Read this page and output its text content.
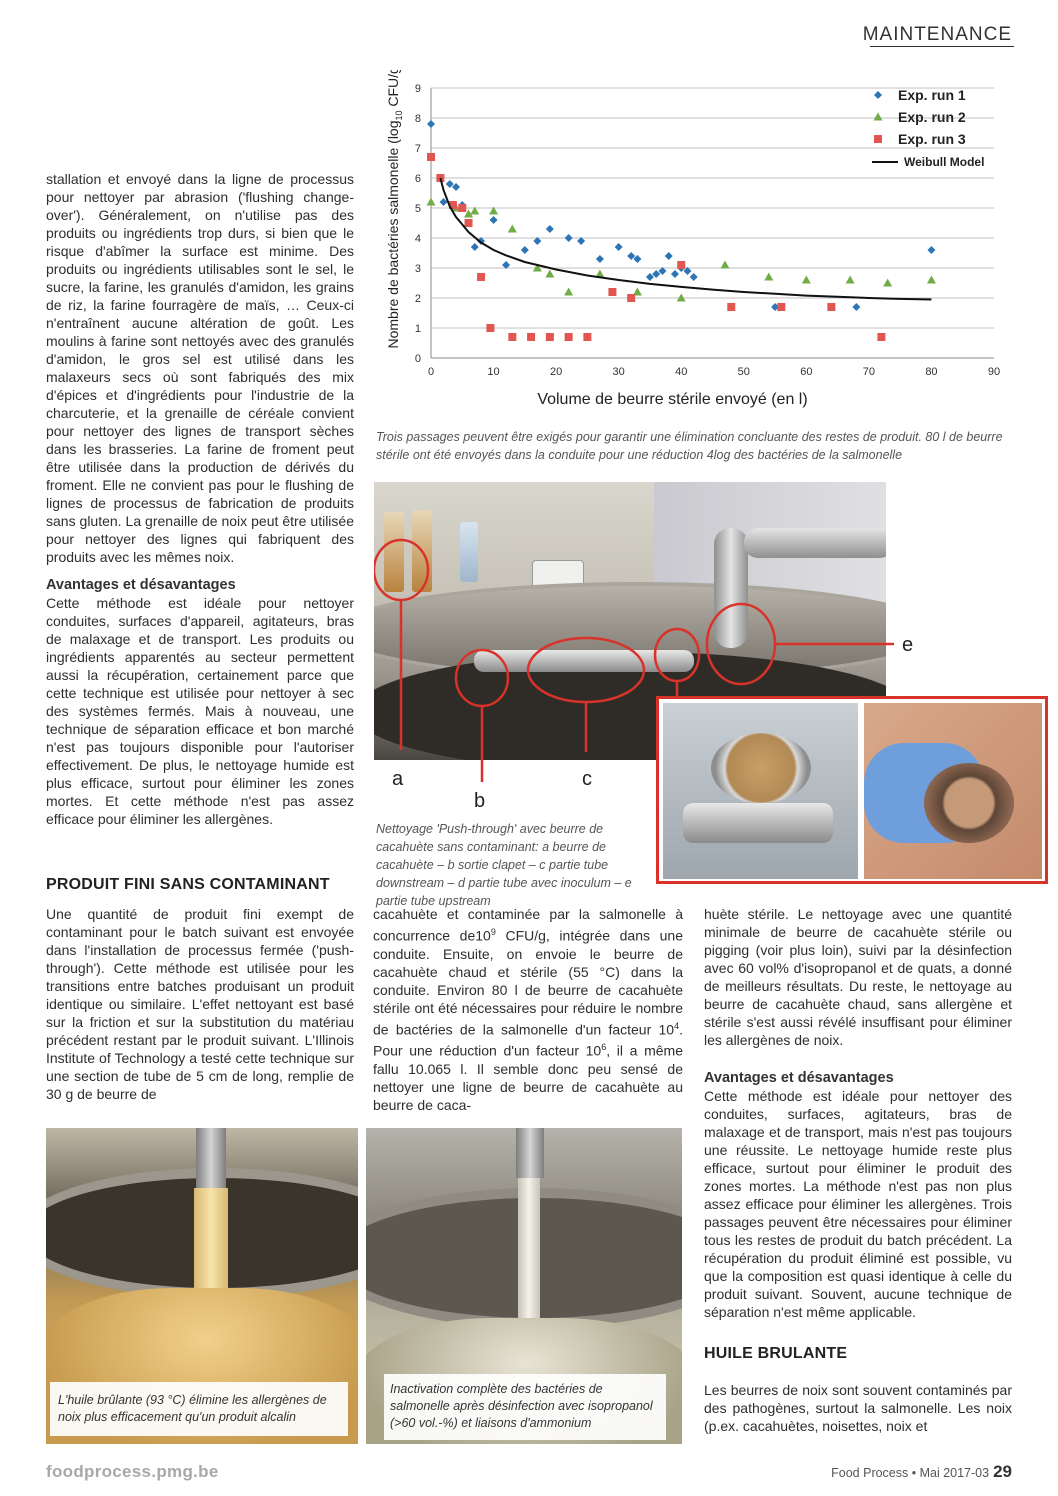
MAINTENANCE

stallation et envoyé dans la ligne de processus pour nettoyer par abrasion ('flushing change-over'). Généralement, on n'utilise pas des produits ou ingrédients trop durs, si bien que le risque d'abîmer la surface est minime. Des produits ou ingrédients utilisables sont le sel, le sucre, la farine, les granulés d'amidon, les grains de riz, la farine fourragère de maïs, … Ceux-ci n'entraînent aucune altération de goût. Les moulins à farine sont nettoyés avec des granulés d'amidon, le gros sel est utilisé dans les malaxeurs secs où sont fabriqués des mix d'épices et d'ingrédients pour l'industrie de la charcuterie, et la grenaille de céréale convient pour nettoyer des lignes de transport sèches dans les brasseries. La farine de froment peut être utilisée dans la production de dérivés du froment. Elle ne convient pas pour le flushing de lignes de processus de fabrication de produits sans gluten. La grenaille de noix peut être utilisée pour nettoyer des lignes qui fabriquent des produits avec les mêmes noix.

Avantages et désavantages

Cette méthode est idéale pour nettoyer conduites, surfaces d'appareil, agitateurs, bras de malaxage et de transport. Les produits ou ingrédients apparentés au secteur permettent aussi la récupération, certainement parce que cette technique est utilisée pour nettoyer à sec des systèmes fermés. Mais à nouveau, une technique de séparation efficace et bon marché n'est pas toujours disponible pour l'autoriser effectivement. De plus, le nettoyage humide est plus efficace, surtout pour éliminer les zones mortes. Et cette méthode n'est pas assez efficace pour éliminer les allergènes.

PRODUIT FINI SANS CONTAMINANT

Une quantité de produit fini exempt de contaminant pour le batch suivant est envoyée dans l'installation de processus fermée ('push-through'). Cette méthode est utilisée pour les transitions entre batches produisant un produit identique ou similaire. L'effet nettoyant est basé sur la friction et sur la substitution du matériau précédent restant par le produit suivant. L'Illinois Institute of Technology a testé cette technique sur une section de tube de 5 cm de long, remplie de 30 g de beurre de

0
1
2
3
4
5
6
7
8
9
0	10	20	30	40	50	60	70	80	90
Volume de beurre stérile envoyé (en l)
Nombre de bactéries salmonelle ($\log_{10}$ CFU/g)	Exp. run 1
Exp. run 2
Exp. run 3
Weibull Model
Trois passages peuvent être exigés pour garantir une élimination concluante des restes de produit. 80 l de beurre stérile ont été envoyés dans la conduite pour une réduction 4log des bactéries de la salmonelle
a
b
c
e
Nettoyage 'Push-through' avec beurre de cacahuète sans contaminant: a beurre de cacahuète – b sortie clapet – c partie tube downstream – d partie tube avec inoculum – e partie tube upstream

cacahuète et contaminée par la salmonelle à concurrence $de10^9$ CFU/g, intégrée dans une conduite. Ensuite, on envoie le beurre de cacahuète chaud et stérile (55 °C) dans la conduite. Environ 80 l de beurre de cacahuète stérile ont été nécessaires pour réduire le nombre de bactéries de la salmonelle d'un facteur $10^4$. Pour une réduction d'un facteur $10^6$, il a même fallu 10.065 l. Il semble donc peu sensé de nettoyer une ligne de beurre de cacahuète au beurre de caca-

huète stérile. Le nettoyage avec une quantité minimale de beurre de cacahuète stérile ou pigging (voir plus loin), suivi par la désinfection avec 60 vol% d'isopropanol et de quats, a donné de meilleurs résultats. Du reste, le nettoyage au beurre de cacahuète chaud, sans allergène et stérile s'est aussi révélé insuffisant pour éliminer les allergènes de noix.

Avantages et désavantages

Cette méthode est idéale pour nettoyer des conduites, surfaces, agitateurs, bras de malaxage et de transport, mais n'est pas toujours une réussite. Le nettoyage humide reste plus efficace, surtout pour éliminer le produit des zones mortes. La méthode n'est pas non plus assez efficace pour éliminer les allergènes. Trois passages peuvent être nécessaires pour éliminer tous les restes de produit du batch précédent. La récupération du produit éliminé est possible, vu que la composition est quasi identique à celle du produit suivant. Souvent, aucune technique de séparation n'est même applicable.

HUILE BRULANTE

Les beurres de noix sont souvent contaminés par des pathogènes, surtout la salmonelle. Les noix (p.ex. cacahuètes, noisettes, noix et

L'huile brûlante (93 °C) élimine les allergènes de noix plus efficacement qu'un produit alcalin
Inactivation complète des bactéries de salmonelle après désinfection avec isopropanol (>60 vol.-%) et liaisons d'ammonium
foodprocess.pmg.be	Food Process • Mai 2017-03 29
